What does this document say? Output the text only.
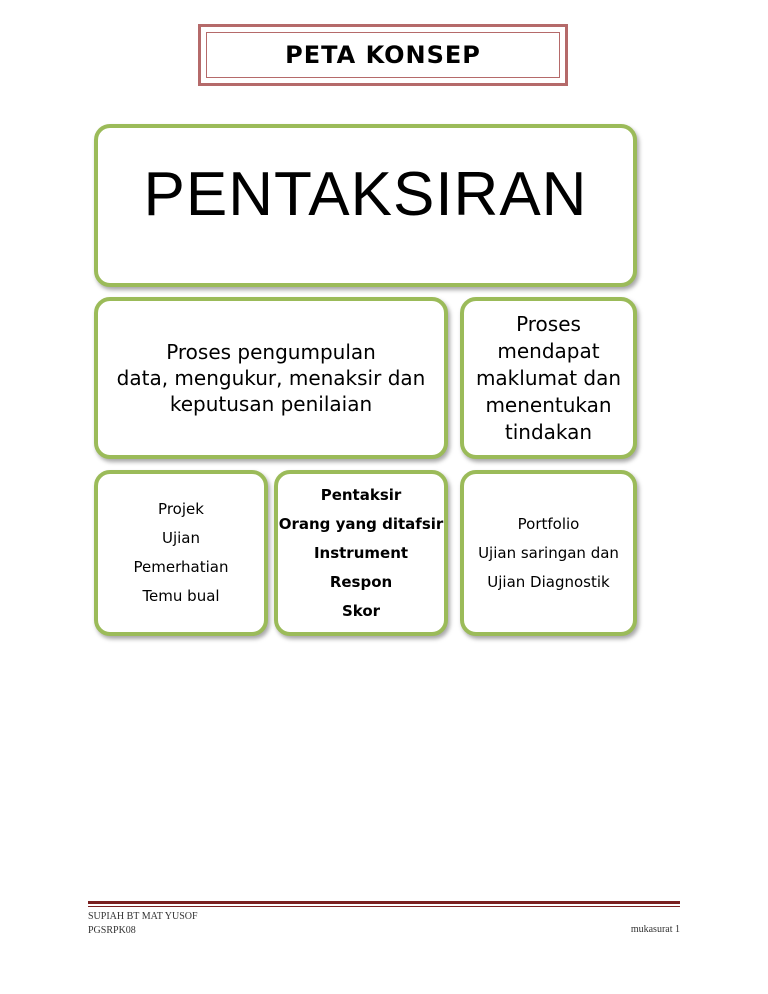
PETA KONSEP
PENTAKSIRAN
Proses pengumpulan
data, mengukur, menaksir dan
keputusan penilaian
Proses
mendapat
maklumat dan
menentukan
tindakan
Projek
Ujian
Pemerhatian
Temu bual
Pentaksir
Orang yang ditafsir
Instrument
Respon
Skor
Portfolio
Ujian saringan dan
Ujian Diagnostik
SUPIAH BT MAT YUSOF
PGSRPK08	mukasurat 1
